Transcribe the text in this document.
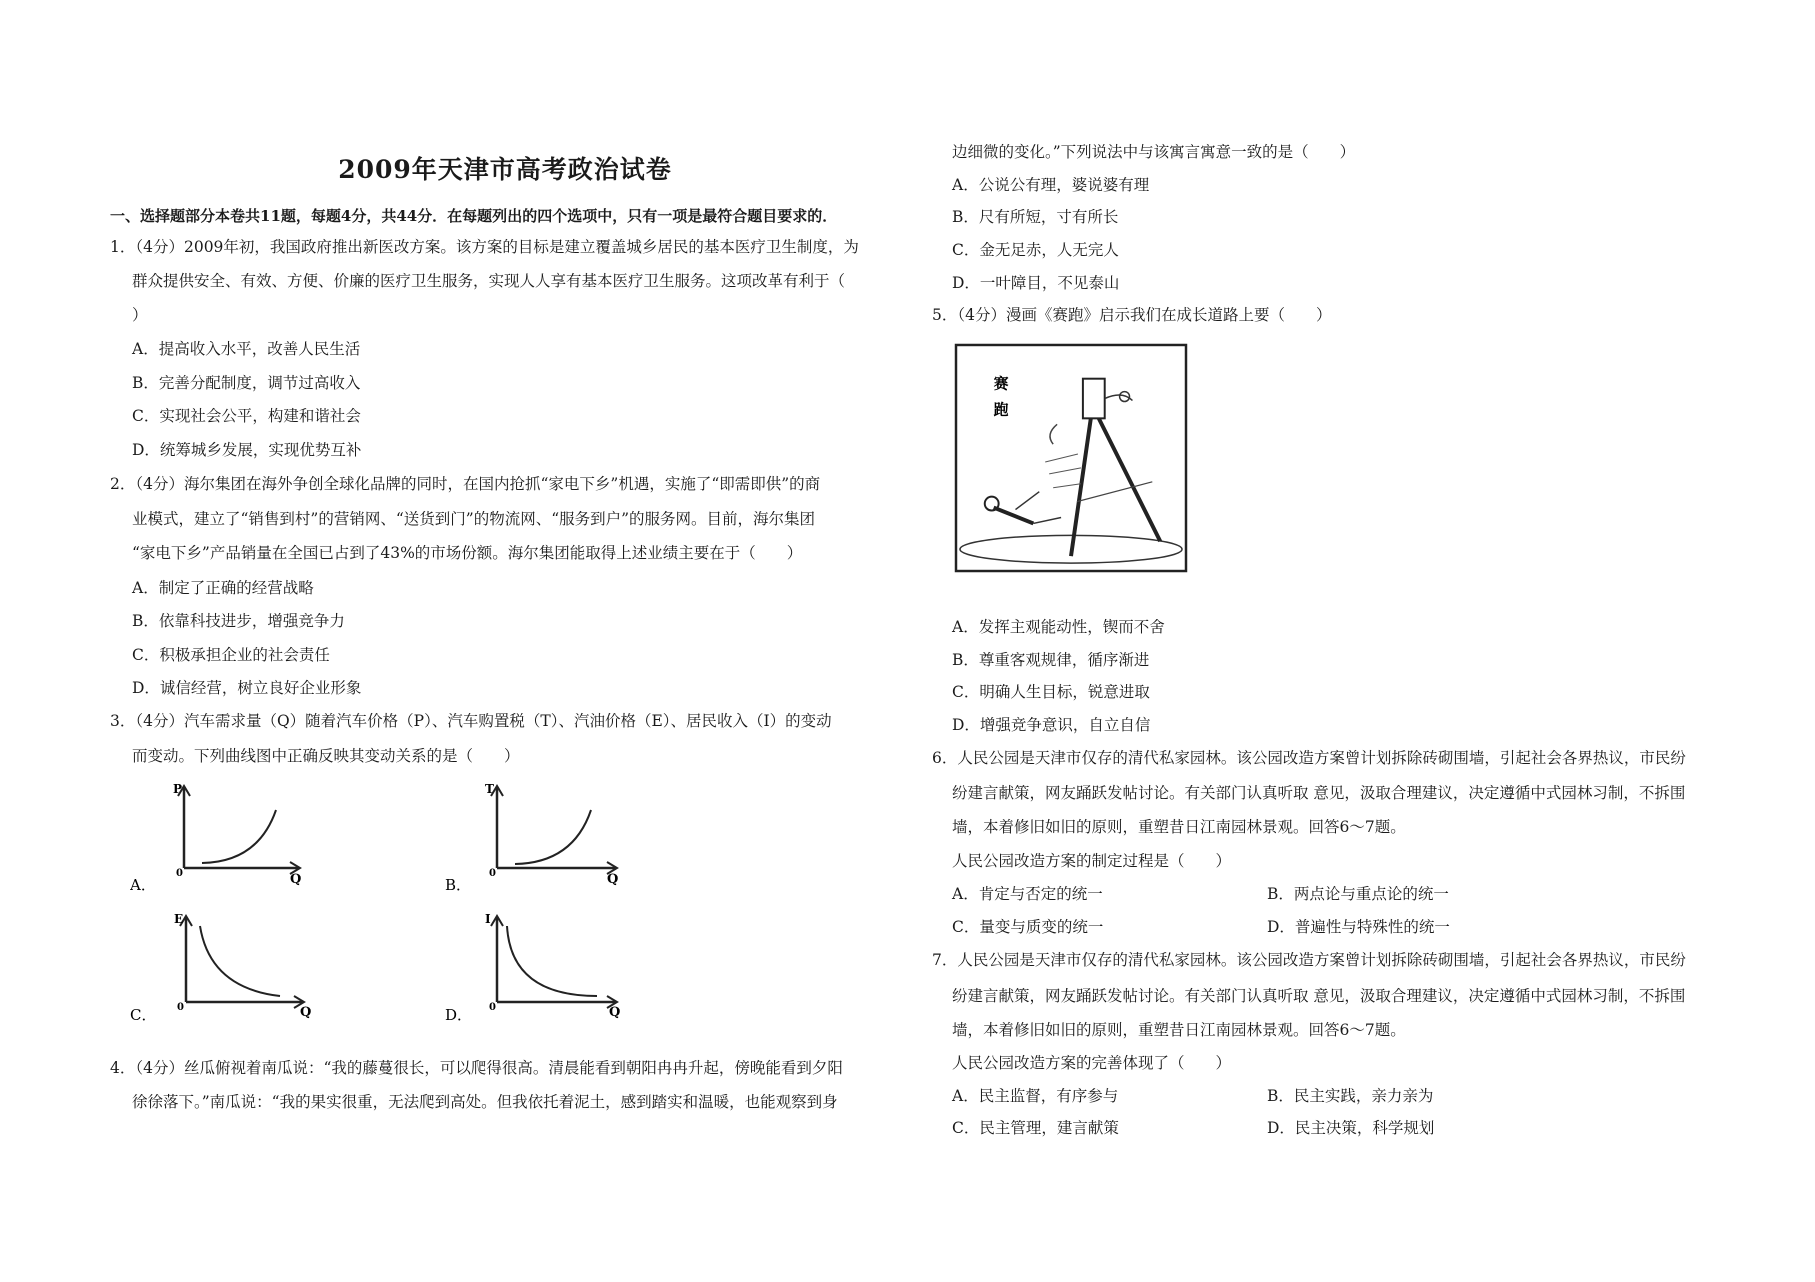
2009年天津市高考政治试卷
一、选择题部分本卷共11题，每题4分，共44分．在每题列出的四个选项中，只有一项是最符合题目要求的．
1．（4分）2009年初，我国政府推出新医改方案。该方案的目标是建立覆盖城乡居民的基本医疗卫生制度，为
群众提供安全、有效、方便、价廉的医疗卫生服务，实现人人享有基本医疗卫生服务。这项改革有利于（
）
A．提高收入水平，改善人民生活
B．完善分配制度，调节过高收入
C．实现社会公平，构建和谐社会
D．统筹城乡发展，实现优势互补
2．（4分）海尔集团在海外争创全球化品牌的同时，在国内抢抓“家电下乡”机遇，实施了“即需即供”的商
业模式，建立了“销售到村”的营销网、“送货到门”的物流网、“服务到户”的服务网。目前，海尔集团
“家电下乡”产品销量在全国已占到了43%的市场份额。海尔集团能取得上述业绩主要在于（　　）
A．制定了正确的经营战略
B．依靠科技进步，增强竞争力
C．积极承担企业的社会责任
D．诚信经营，树立良好企业形象
3．（4分）汽车需求量（Q）随着汽车价格（P）、汽车购置税（T）、汽油价格（E）、居民收入（I）的变动
而变动。下列曲线图中正确反映其变动关系的是（　　）
A．
P
Q
0
B．
T
Q
0
C．
E
Q
0	D．
I
Q
0
4．（4分）丝瓜俯视着南瓜说：“我的藤蔓很长，可以爬得很高。清晨能看到朝阳冉冉升起，傍晚能看到夕阳
徐徐落下。”南瓜说：“我的果实很重，无法爬到高处。但我依托着泥土，感到踏实和温暖，也能观察到身
边细微的变化。”下列说法中与该寓言寓意一致的是（　　）
A．公说公有理，婆说婆有理
B．尺有所短，寸有所长
C．金无足赤，人无完人
D．一叶障目，不见泰山
5．（4分）漫画《赛跑》启示我们在成长道路上要（　　）
赛
跑
A．发挥主观能动性，锲而不舍
B．尊重客观规律，循序渐进
C．明确人生目标，锐意进取
D．增强竞争意识，自立自信
6．人民公园是天津市仅存的清代私家园林。该公园改造方案曾计划拆除砖砌围墙，引起社会各界热议，市民纷
纷建言献策，网友踊跃发帖讨论。有关部门认真听取 意见，汲取合理建议，决定遵循中式园林习制，不拆围
墙，本着修旧如旧的原则，重塑昔日江南园林景观。回答6～7题。
人民公园改造方案的制定过程是（　　）
A．肯定与否定的统一	B．两点论与重点论的统一
C．量变与质变的统一	D．普遍性与特殊性的统一
7．人民公园是天津市仅存的清代私家园林。该公园改造方案曾计划拆除砖砌围墙，引起社会各界热议，市民纷
纷建言献策，网友踊跃发帖讨论。有关部门认真听取 意见，汲取合理建议，决定遵循中式园林习制，不拆围
墙，本着修旧如旧的原则，重塑昔日江南园林景观。回答6～7题。
人民公园改造方案的完善体现了（　　）
A．民主监督，有序参与	B．民主实践，亲力亲为
C．民主管理，建言献策	D．民主决策，科学规划
